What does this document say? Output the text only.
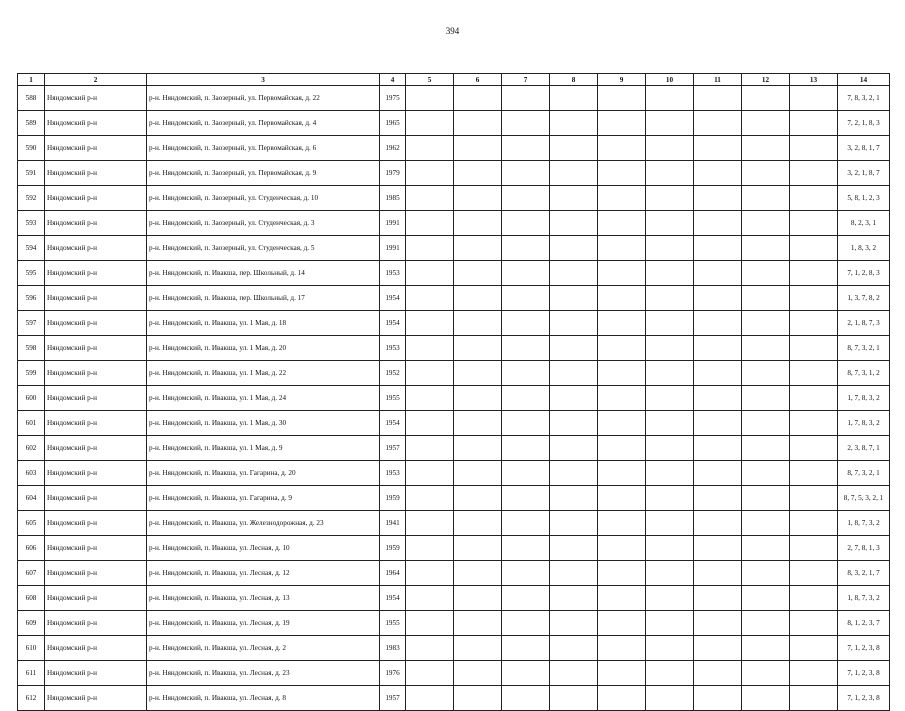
394
1	2	3	4	5	6	7	8	9	10	11	12	13	14
588	Няндомский р-н	р-н. Няндомский, п. Заозерный, ул. Первомайская, д. 22	1975										7, 8, 3, 2, 1
589	Няндомский р-н	р-н. Няндомский, п. Заозерный, ул. Первомайская, д. 4	1965										7, 2, 1, 8, 3
590	Няндомский р-н	р-н. Няндомский, п. Заозерный, ул. Первомайская, д. 6	1962										3, 2, 8, 1, 7
591	Няндомский р-н	р-н. Няндомский, п. Заозерный, ул. Первомайская, д. 9	1979										3, 2, 1, 8, 7
592	Няндомский р-н	р-н. Няндомский, п. Заозерный, ул. Студенческая, д. 10	1985										5, 8, 1, 2, 3
593	Няндомский р-н	р-н. Няндомский, п. Заозерный, ул. Студенческая, д. 3	1991										8, 2, 3, 1
594	Няндомский р-н	р-н. Няндомский, п. Заозерный, ул. Студенческая, д. 5	1991										1, 8, 3, 2
595	Няндомский р-н	р-н. Няндомский, п. Ивакша, пер. Школьный, д. 14	1953										7, 1, 2, 8, 3
596	Няндомский р-н	р-н. Няндомский, п. Ивакша, пер. Школьный, д. 17	1954										1, 3, 7, 8, 2
597	Няндомский р-н	р-н. Няндомский, п. Ивакша, ул. 1 Мая, д. 18	1954										2, 1, 8, 7, 3
598	Няндомский р-н	р-н. Няндомский, п. Ивакша, ул. 1 Мая, д. 20	1953										8, 7, 3, 2, 1
599	Няндомский р-н	р-н. Няндомский, п. Ивакша, ул. 1 Мая, д. 22	1952										8, 7, 3, 1, 2
600	Няндомский р-н	р-н. Няндомский, п. Ивакша, ул. 1 Мая, д. 24	1955										1, 7, 8, 3, 2
601	Няндомский р-н	р-н. Няндомский, п. Ивакша, ул. 1 Мая, д. 30	1954										1, 7, 8, 3, 2
602	Няндомский р-н	р-н. Няндомский, п. Ивакша, ул. 1 Мая, д. 9	1957										2, 3, 8, 7, 1
603	Няндомский р-н	р-н. Няндомский, п. Ивакша, ул. Гагарина, д. 20	1953										8, 7, 3, 2, 1
604	Няндомский р-н	р-н. Няндомский, п. Ивакша, ул. Гагарина, д. 9	1959										8, 7, 5, 3, 2, 1
605	Няндомский р-н	р-н. Няндомский, п. Ивакша, ул. Железнодорожная, д. 23	1941										1, 8, 7, 3, 2
606	Няндомский р-н	р-н. Няндомский, п. Ивакша, ул. Лесная, д. 10	1959										2, 7, 8, 1, 3
607	Няндомский р-н	р-н. Няндомский, п. Ивакша, ул. Лесная, д. 12	1964										8, 3, 2, 1, 7
608	Няндомский р-н	р-н. Няндомский, п. Ивакша, ул. Лесная, д. 13	1954										1, 8, 7, 3, 2
609	Няндомский р-н	р-н. Няндомский, п. Ивакша, ул. Лесная, д. 19	1955										8, 1, 2, 3, 7
610	Няндомский р-н	р-н. Няндомский, п. Ивакша, ул. Лесная, д. 2	1983										7, 1, 2, 3, 8
611	Няндомский р-н	р-н. Няндомский, п. Ивакша, ул. Лесная, д. 23	1976										7, 1, 2, 3, 8
612	Няндомский р-н	р-н. Няндомский, п. Ивакша, ул. Лесная, д. 8	1957										7, 1, 2, 3, 8
